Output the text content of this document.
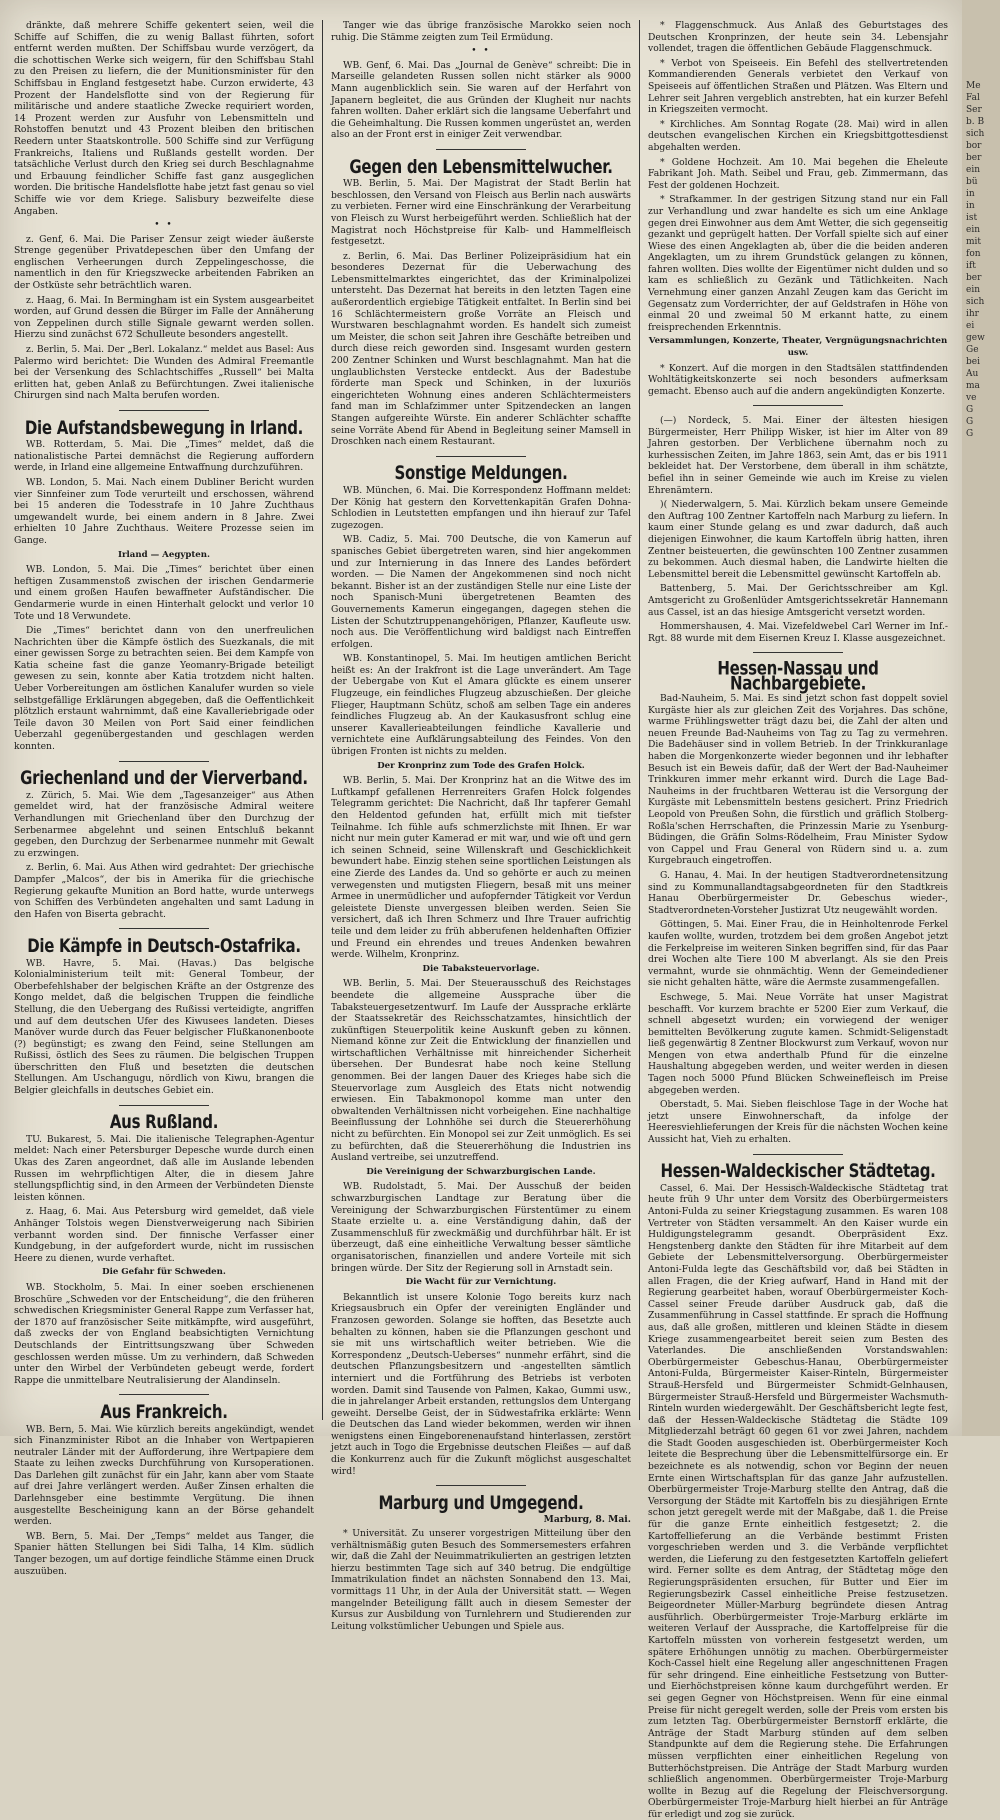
dränkte, daß mehrere Schiffe gekentert seien, weil die Schiffe auf Schiffen, die zu wenig Ballast führten, sofort entfernt werden mußten. Der Schiffsbau wurde verzögert, da die schottischen Werke sich weigern, für den Schiffsbau Stahl zu den Preisen zu liefern, die der Munitionsminister für den Schiffsbau in England festgesetzt habe. Curzon erwiderte, 43 Prozent der Handelsflotte sind von der Regierung für militärische und andere staatliche Zwecke requiriert worden, 14 Prozent werden zur Ausfuhr von Lebensmitteln und Rohstoffen benutzt und 43 Prozent bleiben den britischen Reedern unter Staatskontrolle. 500 Schiffe sind zur Verfügung Frankreichs, Italiens und Rußlands gestellt worden. Der tatsächliche Verlust durch den Krieg sei durch Beschlagnahme und Erbauung feindlicher Schiffe fast ganz ausgeglichen worden. Die britische Handelsflotte habe jetzt fast genau so viel Schiffe wie vor dem Kriege. Salisbury bezweifelte diese Angaben.

• •

z. Genf, 6. Mai. Die Pariser Zensur zeigt wieder äußerste Strenge gegenüber Privatdepeschen über den Umfang der englischen Verheerungen durch Zeppelingeschosse, die namentlich in den für Kriegszwecke arbeitenden Fabriken an der Ostküste sehr beträchtlich waren.

z. Haag, 6. Mai. In Bermingham ist ein System ausgearbeitet worden, auf Grund dessen die Bürger im Falle der Annäherung von Zeppelinen durch stille Signale gewarnt werden sollen. Hierzu sind zunächst 672 Schulleute besonders angestellt.

z. Berlin, 5. Mai. Der „Berl. Lokalanz.“ meldet aus Basel: Aus Palermo wird berichtet: Die Wunden des Admiral Freemantle bei der Versenkung des Schlachtschiffes „Russell“ bei Malta erlitten hat, geben Anlaß zu Befürchtungen. Zwei italienische Chirurgen sind nach Malta berufen worden.

Die Aufstandsbewegung in Irland.

WB. Rotterdam, 5. Mai. Die „Times“ meldet, daß die nationalistische Partei demnächst die Regierung auffordern werde, in Irland eine allgemeine Entwaffnung durchzuführen.

WB. London, 5. Mai. Nach einem Dubliner Bericht wurden vier Sinnfeiner zum Tode verurteilt und erschossen, während bei 15 anderen die Todesstrafe in 10 Jahre Zuchthaus umgewandelt wurde, bei einem andern in 8 Jahre. Zwei erhielten 10 Jahre Zuchthaus. Weitere Prozesse seien im Gange.

Irland — Aegypten.

WB. London, 5. Mai. Die „Times“ berichtet über einen heftigen Zusammenstoß zwischen der irischen Gendarmerie und einem großen Haufen bewaffneter Aufständischer. Die Gendarmerie wurde in einen Hinterhalt gelockt und verlor 10 Tote und 18 Verwundete.

Die „Times“ berichtet dann von den unerfreulichen Nachrichten über die Kämpfe östlich des Suezkanals, die mit einer gewissen Sorge zu betrachten seien. Bei dem Kampfe von Katia scheine fast die ganze Yeomanry-Brigade beteiligt gewesen zu sein, konnte aber Katia trotzdem nicht halten. Ueber Vorbereitungen am östlichen Kanalufer wurden so viele selbstgefällige Erklärungen abgegeben, daß die Oeffentlichkeit plötzlich erstaunt wahrnimmt, daß eine Kavalleriebrigade oder Teile davon 30 Meilen von Port Said einer feindlichen Ueberzahl gegenübergestanden und geschlagen werden konnten.

Griechenland und der Vierverband.

z. Zürich, 5. Mai. Wie dem „Tagesanzeiger“ aus Athen gemeldet wird, hat der französische Admiral weitere Verhandlungen mit Griechenland über den Durchzug der Serbenarmee abgelehnt und seinen Entschluß bekannt gegeben, den Durchzug der Serbenarmee nunmehr mit Gewalt zu erzwingen.

z. Berlin, 6. Mai. Aus Athen wird gedrahtet: Der griechische Dampfer „Malcos“, der bis in Amerika für die griechische Regierung gekaufte Munition an Bord hatte, wurde unterwegs von Schiffen des Verbündeten angehalten und samt Ladung in den Hafen von Biserta gebracht.

Die Kämpfe in Deutsch-Ostafrika.

WB. Havre, 5. Mai. (Havas.) Das belgische Kolonialministerium teilt mit: General Tombeur, der Oberbefehlshaber der belgischen Kräfte an der Ostgrenze des Kongo meldet, daß die belgischen Truppen die feindliche Stellung, die den Uebergang des Rußissi verteidigte, angriffen und auf dem deutschen Ufer des Kiwusees landeten. Dieses Manöver wurde durch das Feuer belgischer Flußkanonenboote (?) begünstigt; es zwang den Feind, seine Stellungen am Rußissi, östlich des Sees zu räumen. Die belgischen Truppen überschritten den Fluß und besetzten die deutschen Stellungen. Am Uschangugu, nördlich von Kiwu, brangen die Belgier gleichfalls in deutsches Gebiet ein.

Aus Rußland.

TU. Bukarest, 5. Mai. Die italienische Telegraphen-Agentur meldet: Nach einer Petersburger Depesche wurde durch einen Ukas des Zaren angeordnet, daß alle im Auslande lebenden Russen im wehrpflichtigen Alter, die in diesem Jahre stellungspflichtig sind, in den Armeen der Verbündeten Dienste leisten können.

z. Haag, 6. Mai. Aus Petersburg wird gemeldet, daß viele Anhänger Tolstois wegen Dienstverweigerung nach Sibirien verbannt worden sind. Der finnische Verfasser einer Kundgebung, in der aufgefordert wurde, nicht im russischen Heere zu dienen, wurde verhaftet.

Die Gefahr für Schweden.

WB. Stockholm, 5. Mai. In einer soeben erschienenen Broschüre „Schweden vor der Entscheidung“, die den früheren schwedischen Kriegsminister General Rappe zum Verfasser hat, der 1870 auf französischer Seite mitkämpfte, wird ausgeführt, daß zwecks der von England beabsichtigten Vernichtung Deutschlands der Eintrittsungszwang über Schweden geschlossen werden müsse. Um zu verhindern, daß Schweden unter den Wirbel der Verbündeten gebeugt werde, fordert Rappe die unmittelbare Neutralisierung der Alandinseln.

Aus Frankreich.

WB. Bern, 5. Mai. Wie kürzlich bereits angekündigt, wendet sich Finanzminister Ribot an die Inhaber von Wertpapieren neutraler Länder mit der Aufforderung, ihre Wertpapiere dem Staate zu leihen zwecks Durchführung von Kursoperationen. Das Darlehen gilt zunächst für ein Jahr, kann aber vom Staate auf drei Jahre verlängert werden. Außer Zinsen erhalten die Darlehnsgeber eine bestimmte Vergütung. Die ihnen ausgestellte Bescheinigung kann an der Börse gehandelt werden.

WB. Bern, 5. Mai. Der „Temps“ meldet aus Tanger, die Spanier hätten Stellungen bei Sidi Talha, 14 Klm. südlich Tanger bezogen, um auf dortige feindliche Stämme einen Druck auszuüben.

Tanger wie das übrige französische Marokko seien noch ruhig. Die Stämme zeigten zum Teil Ermüdung.

• •

WB. Genf, 6. Mai. Das „Journal de Genève“ schreibt: Die in Marseille gelandeten Russen sollen nicht stärker als 9000 Mann augenblicklich sein. Sie waren auf der Herfahrt von Japanern begleitet, die aus Gründen der Klugheit nur nachts fahren wollten. Daher erklärt sich die langsame Ueberfahrt und die Geheimhaltung. Die Russen kommen ungerüstet an, werden also an der Front erst in einiger Zeit verwendbar.

Gegen den Lebensmittelwucher.

WB. Berlin, 5. Mai. Der Magistrat der Stadt Berlin hat beschlossen, den Versand von Fleisch aus Berlin nach auswärts zu verbieten. Ferner wird eine Einschränkung der Verarbeitung von Fleisch zu Wurst herbeigeführt werden. Schließlich hat der Magistrat noch Höchstpreise für Kalb- und Hammelfleisch festgesetzt.

z. Berlin, 6. Mai. Das Berliner Polizeipräsidium hat ein besonderes Dezernat für die Ueberwachung des Lebensmittelmarktes eingerichtet, das der Kriminalpolizei untersteht. Das Dezernat hat bereits in den letzten Tagen eine außerordentlich ergiebige Tätigkeit entfaltet. In Berlin sind bei 16 Schlächtermeistern große Vorräte an Fleisch und Wurstwaren beschlagnahmt worden. Es handelt sich zumeist um Meister, die schon seit Jahren ihre Geschäfte betreiben und durch diese reich geworden sind. Insgesamt wurden gestern 200 Zentner Schinken und Wurst beschlagnahmt. Man hat die unglaublichsten Verstecke entdeckt. Aus der Badestube förderte man Speck und Schinken, in der luxuriös eingerichteten Wohnung eines anderen Schlächtermeisters fand man im Schlafzimmer unter Spitzendecken an langen Stangen aufgereihte Würste. Ein anderer Schlächter schaffte seine Vorräte Abend für Abend in Begleitung seiner Mamsell in Droschken nach einem Restaurant.

Sonstige Meldungen.

WB. München, 6. Mai. Die Korrespondenz Hoffmann meldet: Der König hat gestern den Korvettenkapitän Grafen Dohna-Schlodien in Leutstetten empfangen und ihn hierauf zur Tafel zugezogen.

WB. Cadiz, 5. Mai. 700 Deutsche, die von Kamerun auf spanisches Gebiet übergetreten waren, sind hier angekommen und zur Internierung in das Innere des Landes befördert worden. — Die Namen der Angekommenen sind noch nicht bekannt. Bisher ist an der zuständigen Stelle nur eine Liste der noch Spanisch-Muni übergetretenen Beamten des Gouvernements Kamerun eingegangen, dagegen stehen die Listen der Schutztruppenangehörigen, Pflanzer, Kaufleute usw. noch aus. Die Veröffentlichung wird baldigst nach Eintreffen erfolgen.

WB. Konstantinopel, 5. Mai. Im heutigen amtlichen Bericht heißt es: An der Irakfront ist die Lage unverändert. Am Tage der Uebergabe von Kut el Amara glückte es einem unserer Flugzeuge, ein feindliches Flugzeug abzuschießen. Der gleiche Flieger, Hauptmann Schütz, schoß am selben Tage ein anderes feindliches Flugzeug ab. An der Kaukasusfront schlug eine unserer Kavallerieabteilungen feindliche Kavallerie und vernichtete eine Aufklärungsabteilung des Feindes. Von den übrigen Fronten ist nichts zu melden.

Der Kronprinz zum Tode des Grafen Holck.

WB. Berlin, 5. Mai. Der Kronprinz hat an die Witwe des im Luftkampf gefallenen Herrenreiters Grafen Holck folgendes Telegramm gerichtet: Die Nachricht, daß Ihr tapferer Gemahl den Heldentod gefunden hat, erfüllt mich mit tiefster Teilnahme. Ich fühle aufs schmerzlichste mit Ihnen. Er war nicht nur mein guter Kamerad er mit war, und wie oft und gern ich seinen Schneid, seine Willenskraft und Geschicklichkeit bewundert habe. Einzig stehen seine sportlichen Leistungen als eine Zierde des Landes da. Und so gehörte er auch zu meinen verwegensten und mutigsten Fliegern, besaß mit uns meiner Armee in unermüdlicher und aufopfernder Tätigkeit vor Verdun geleistete Dienste unvergessen bleiben werden. Seien Sie versichert, daß ich Ihren Schmerz und Ihre Trauer aufrichtig teile und dem leider zu früh abberufenen heldenhaften Offizier und Freund ein ehrendes und treues Andenken bewahren werde. Wilhelm, Kronprinz.

Die Tabaksteuervorlage.

WB. Berlin, 5. Mai. Der Steuerausschuß des Reichstages beendete die allgemeine Aussprache über die Tabaksteuergesetzentwurf. Im Laufe der Aussprache erklärte der Staatssekretär des Reichsschatzamtes, hinsichtlich der zukünftigen Steuerpolitik keine Auskunft geben zu können. Niemand könne zur Zeit die Entwicklung der finanziellen und wirtschaftlichen Verhältnisse mit hinreichender Sicherheit übersehen. Der Bundesrat habe noch keine Stellung genommen. Bei der langen Dauer des Krieges habe sich die Steuervorlage zum Ausgleich des Etats nicht notwendig erwiesen. Ein Tabakmonopol komme man unter den obwaltenden Verhältnissen nicht vorbeigehen. Eine nachhaltige Beeinflussung der Lohnhöhe sei durch die Steuererhöhung nicht zu befürchten. Ein Monopol sei zur Zeit unmöglich. Es sei zu befürchten, daß die Steuererhöhung die Industrien ins Ausland vertreibe, sei unzutreffend.

Die Vereinigung der Schwarzburgischen Lande.

WB. Rudolstadt, 5. Mai. Der Ausschuß der beiden schwarzburgischen Landtage zur Beratung über die Vereinigung der Schwarzburgischen Fürstentümer zu einem Staate erzielte u. a. eine Verständigung dahin, daß der Zusammenschluß für zweckmäßig und durchführbar hält. Er ist überzeugt, daß eine einheitliche Verwaltung besser sämtliche organisatorischen, finanziellen und andere Vorteile mit sich bringen würde. Der Sitz der Regierung soll in Arnstadt sein.

Die Wacht für zur Vernichtung.

Bekanntlich ist unsere Kolonie Togo bereits kurz nach Kriegsausbruch ein Opfer der vereinigten Engländer und Franzosen geworden. Solange sie hofften, das Besetzte auch behalten zu können, haben sie die Pflanzungen geschont und sie mit uns wirtschaftlich weiter betrieben. Wie die Korrespondenz „Deutsch-Ueberses“ nunmehr erfährt, sind die deutschen Pflanzungsbesitzern und -angestellten sämtlich interniert und die Fortführung des Betriebs ist verboten worden. Damit sind Tausende von Palmen, Kakao, Gummi usw., die in jahrelanger Arbeit erstanden, rettungslos dem Untergang geweiht. Derselbe Geist, der in Südwestafrika erklärte: Wenn die Deutschen das Land wieder bekommen, werden wir ihnen wenigstens einen Eingeborenenaufstand hinterlassen, zerstört jetzt auch in Togo die Ergebnisse deutschen Fleißes — auf daß die Konkurrenz auch für die Zukunft möglichst ausgeschaltet wird!

Marburg und Umgegend.
Marburg, 8. Mai.

* Universität. Zu unserer vorgestrigen Mitteilung über den verhältnismäßig guten Besuch des Sommersemesters erfahren wir, daß die Zahl der Neuimmatrikulierten an gestrigen letzten hierzu bestimmten Tage sich auf 340 betrug. Die endgültige Immatrikulation findet an nächsten Sonnabend den 13. Mai, vormittags 11 Uhr, in der Aula der Universität statt. — Wegen mangelnder Beteiligung fällt auch in diesem Semester der Kursus zur Ausbildung von Turnlehrern und Studierenden zur Leitung volkstümlicher Uebungen und Spiele aus.

* Flaggenschmuck. Aus Anlaß des Geburtstages des Deutschen Kronprinzen, der heute sein 34. Lebensjahr vollendet, tragen die öffentlichen Gebäude Flaggenschmuck.

* Verbot von Speiseeis. Ein Befehl des stellvertretenden Kommandierenden Generals verbietet den Verkauf von Speiseeis auf öffentlichen Straßen und Plätzen. Was Eltern und Lehrer seit Jahren vergeblich anstrebten, hat ein kurzer Befehl in Kriegszeiten vermocht.

* Kirchliches. Am Sonntag Rogate (28. Mai) wird in allen deutschen evangelischen Kirchen ein Kriegsbittgottesdienst abgehalten werden.

* Goldene Hochzeit. Am 10. Mai begehen die Eheleute Fabrikant Joh. Math. Seibel und Frau, geb. Zimmermann, das Fest der goldenen Hochzeit.

* Strafkammer. In der gestrigen Sitzung stand nur ein Fall zur Verhandlung und zwar handelte es sich um eine Anklage gegen drei Einwohner aus dem Amt Wetter, die sich gegenseitig gezankt und geprügelt hatten. Der Vorfall spielte sich auf einer Wiese des einen Angeklagten ab, über die die beiden anderen Angeklagten, um zu ihrem Grundstück gelangen zu können, fahren wollten. Dies wollte der Eigentümer nicht dulden und so kam es schließlich zu Gezänk und Tätlichkeiten. Nach Vernehmung einer ganzen Anzahl Zeugen kam das Gericht im Gegensatz zum Vorderrichter, der auf Geldstrafen in Höhe von einmal 20 und zweimal 50 M erkannt hatte, zu einem freisprechenden Erkenntnis.

Versammlungen, Konzerte, Theater, Vergnügungsnachrichten usw.

* Konzert. Auf die morgen in den Stadtsälen stattfindenden Wohltätigkeitskonzerte sei noch besonders aufmerksam gemacht. Ebenso auch auf die andern angekündigten Konzerte.

(—) Nordeck, 5. Mai. Einer der ältesten hiesigen Bürgermeister, Herr Philipp Wisker, ist hier im Alter von 89 Jahren gestorben. Der Verblichene übernahm noch zu kurhessischen Zeiten, im Jahre 1863, sein Amt, das er bis 1911 bekleidet hat. Der Verstorbene, dem überall in ihm schätzte, befiel ihn in seiner Gemeinde wie auch im Kreise zu vielen Ehrenämtern.

)( Niederwalgern, 5. Mai. Kürzlich bekam unsere Gemeinde den Auftrag 100 Zentner Kartoffeln nach Marburg zu liefern. In kaum einer Stunde gelang es und zwar dadurch, daß auch diejenigen Einwohner, die kaum Kartoffeln übrig hatten, ihren Zentner beisteuerten, die gewünschten 100 Zentner zusammen zu bekommen. Auch diesmal haben, die Landwirte hielten die Lebensmittel bereit die Lebensmittel gewünscht Kartoffeln ab.

Battenberg, 5. Mai. Der Gerichtsschreiber am Kgl. Amtsgericht zu Großenlüder Amtsgerichtssekretär Hannemann aus Cassel, ist an das hiesige Amtsgericht versetzt worden.

Hommershausen, 4. Mai. Vizefeldwebel Carl Werner im Inf.-Rgt. 88 wurde mit dem Eisernen Kreuz I. Klasse ausgezeichnet.

Hessen-Nassau und Nachbargebiete.

Bad-Nauheim, 5. Mai. Es sind jetzt schon fast doppelt soviel Kurgäste hier als zur gleichen Zeit des Vorjahres. Das schöne, warme Frühlingswetter trägt dazu bei, die Zahl der alten und neuen Freunde Bad-Nauheims von Tag zu Tag zu vermehren. Die Badehäuser sind in vollem Betrieb. In der Trinkkuranlage haben die Morgenkonzerte wieder begonnen und ihr lebhafter Besuch ist ein Beweis dafür, daß der Wert der Bad-Nauheimer Trinkkuren immer mehr erkannt wird. Durch die Lage Bad-Nauheims in der fruchtbaren Wetterau ist die Versorgung der Kurgäste mit Lebensmitteln bestens gesichert. Prinz Friedrich Leopold von Preußen Sohn, die fürstlich und gräflich Stolberg-Roßla'schen Herrschaften, die Prinzessin Marie zu Ysenburg-Büdingen, die Gräfin Solms-Rödelheim, Frau Minister Sydow von Cappel und Frau General von Rüdern sind u. a. zum Kurgebrauch eingetroffen.

G. Hanau, 4. Mai. In der heutigen Stadtverordnetensitzung sind zu Kommunallandtagsabgeordneten für den Stadtkreis Hanau Oberbürgermeister Dr. Gebeschus wieder-, Stadtverordneten-Vorsteher Justizrat Utz neugewählt worden.

Göttingen, 5. Mai. Einer Frau, die in Heinholtenrode Ferkel kaufen wollte, wurden, trotzdem bei dem großen Angebot jetzt die Ferkelpreise im weiteren Sinken begriffen sind, für das Paar drei Wochen alte Tiere 100 M abverlangt. Als sie den Preis vermahnt, wurde sie ohnmächtig. Wenn der Gemeindediener sie nicht gehalten hätte, wäre die Aermste zusammengefallen.

Eschwege, 5. Mai. Neue Vorräte hat unser Magistrat beschafft. Vor kurzem brachte er 5200 Eier zum Verkauf, die schnell abgesetzt wurden; ein vorwiegend der weniger bemittelten Bevölkerung zugute kamen. Schmidt-Seligenstadt ließ gegenwärtig 8 Zentner Blockwurst zum Verkauf, wovon nur Mengen von etwa anderthalb Pfund für die einzelne Haushaltung abgegeben werden, und weiter werden in diesen Tagen noch 5000 Pfund Blücken Schweinefleisch im Preise abgegeben werden.

Oberstadt, 5. Mai. Sieben fleischlose Tage in der Woche hat jetzt unsere Einwohnerschaft, da infolge der Heeresviehlieferungen der Kreis für die nächsten Wochen keine Aussicht hat, Vieh zu erhalten.

Hessen-Waldeckischer Städtetag.

Cassel, 6. Mai. Der Hessisch-Waldeckische Städtetag trat heute früh 9 Uhr unter dem Vorsitz des Oberbürgermeisters Antoni-Fulda zu seiner Kriegstagung zusammen. Es waren 108 Vertreter von Städten versammelt. An den Kaiser wurde ein Huldigungstelegramm gesandt. Oberpräsident Exz. Hengstenberg dankte den Städten für ihre Mitarbeit auf dem Gebiete der Lebensmittelversorgung. Oberbürgermeister Antoni-Fulda legte das Geschäftsbild vor, daß bei Städten in allen Fragen, die der Krieg aufwarf, Hand in Hand mit der Regierung gearbeitet haben, worauf Oberbürgermeister Koch-Cassel seiner Freude darüber Ausdruck gab, daß die Zusammenführung in Cassel stattfinde. Er sprach die Hoffnung aus, daß alle großen, mittleren und kleinen Städte in diesem Kriege zusammengearbeitet bereit seien zum Besten des Vaterlandes. Die anschließenden Vorstandswahlen: Oberbürgermeister Gebeschus-Hanau, Oberbürgermeister Antoni-Fulda, Bürgermeister Kaiser-Rinteln, Bürgermeister Strauß-Hersfeld und Bürgermeister Schmidt-Gelnhausen, Bürgermeister Strauß-Hersfeld und Bürgermeister Wachsmuth-Rinteln wurden wiedergewählt. Der Geschäftsbericht legte fest, daß der Hessen-Waldeckische Städtetag die Städte 109 Mitgliederzahl beträgt 60 gegen 61 vor zwei Jahren, nachdem die Stadt Gooden ausgeschieden ist. Oberbürgermeister Koch leitete die Besprechung über die Lebensmittelfürsorge ein. Er bezeichnete es als notwendig, schon vor Beginn der neuen Ernte einen Wirtschaftsplan für das ganze Jahr aufzustellen. Oberbürgermeister Troje-Marburg stellte den Antrag, daß die Versorgung der Städte mit Kartoffeln bis zu diesjährigen Ernte schon jetzt geregelt werde mit der Maßgabe, daß 1. die Preise für die ganze Ernte einheitlich festgesetzt; 2. die Kartoffellieferung an die Verbände bestimmt Fristen vorgeschrieben werden und 3. die Verbände verpflichtet werden, die Lieferung zu den festgesetzten Kartoffeln geliefert wird. Ferner sollte es dem Antrag, der Städtetag möge den Regierungspräsidenten ersuchen, für Butter und Eier im Regierungsbezirk Cassel einheitliche Preise festzusetzen. Beigeordneter Müller-Marburg begründete diesen Antrag ausführlich. Oberbürgermeister Troje-Marburg erklärte im weiteren Verlauf der Aussprache, die Kartoffelpreise für die Kartoffeln müssten von vorherein festgesetzt werden, um spätere Erhöhungen unnötig zu machen. Oberbürgermeister Koch-Cassel hielt eine Regelung aller angeschnittenen Fragen für sehr dringend. Eine einheitliche Festsetzung von Butter- und Eierhöchstpreisen könne kaum durchgeführt werden. Er sei gegen Gegner von Höchstpreisen. Wenn für eine einmal Preise für nicht geregelt werden, solle der Preis vom ersten bis zum letzten Tag. Oberbürgermeister Bernstorff erklärte, die Anträge der Stadt Marburg stünden auf dem selben Standpunkte auf dem die Regierung stehe. Die Erfahrungen müssen verpflichten einer einheitlichen Regelung von Butterhöchstpreisen. Die Anträge der Stadt Marburg wurden schließlich angenommen. Oberbürgermeister Troje-Marburg wollte in Bezug auf die Regelung der Fleischversorgung. Oberbürgermeister Troje-Marburg hielt hierbei an für Anträge für erledigt und zog sie zurück.

Me
Fal
Ser
b. B
sich
bor
ber
ein
bü
in
in
ist
ein
mit
fon
ift
ber
ein
sich
ihr
ei
gew
Ge
bei
Au
ma
ve
G
G
G
